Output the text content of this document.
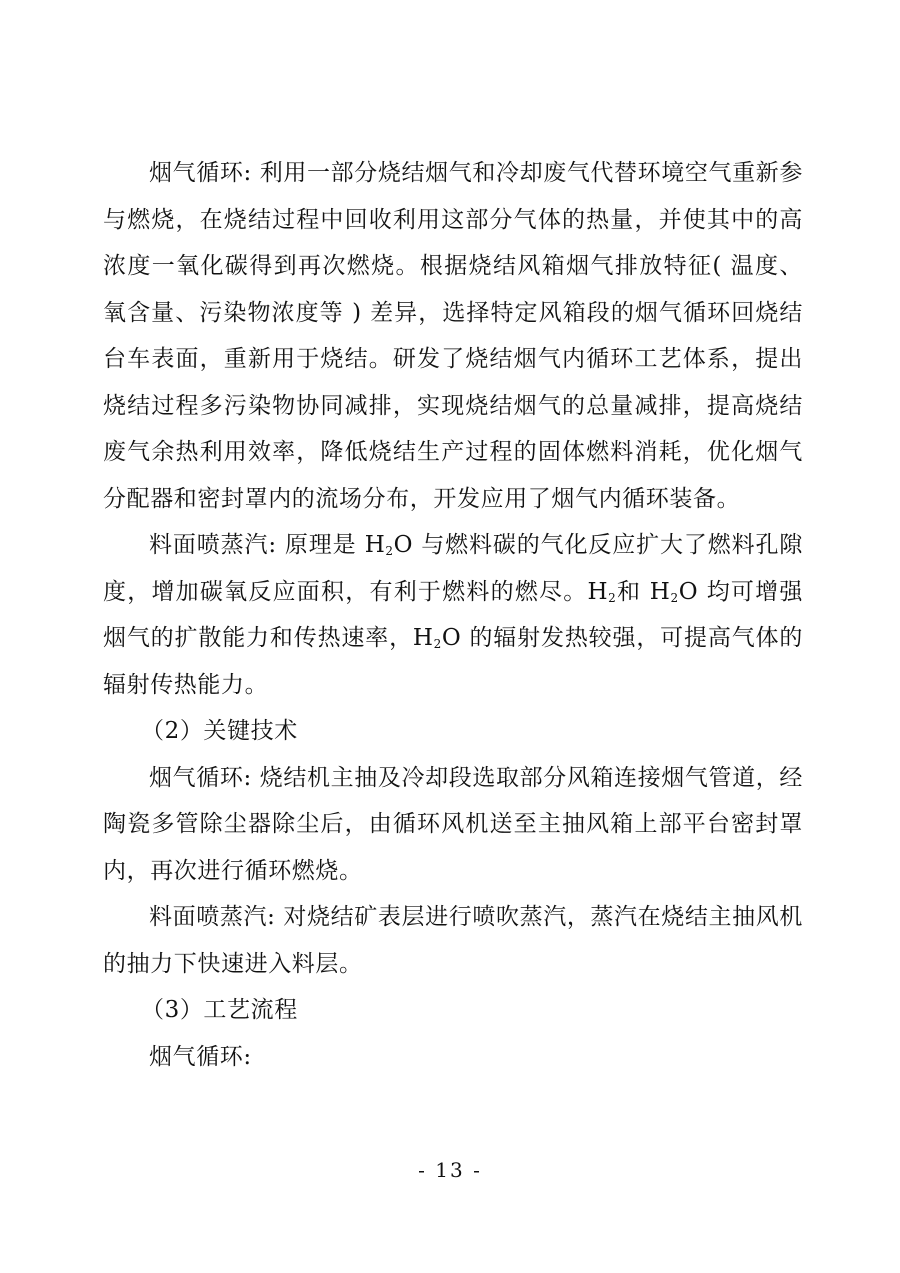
烟气循环: 利用一部分烧结烟气和冷却废气代替环境空气重新参与燃烧，在烧结过程中回收利用这部分气体的热量，并使其中的高浓度一氧化碳得到再次燃烧。根据烧结风箱烟气排放特征( 温度、氧含量、污染物浓度等 ) 差异，选择特定风箱段的烟气循环回烧结台车表面，重新用于烧结。研发了烧结烟气内循环工艺体系，提出烧结过程多污染物协同减排，实现烧结烟气的总量减排，提高烧结废气余热利用效率，降低烧结生产过程的固体燃料消耗，优化烟气分配器和密封罩内的流场分布，开发应用了烟气内循环装备。

料面喷蒸汽: 原理是 $H_2O$ 与燃料碳的气化反应扩大了燃料孔隙度，增加碳氧反应面积，有利于燃料的燃尽。$H_2$和 $H_2O$ 均可增强烟气的扩散能力和传热速率，$H_2O$ 的辐射发热较强，可提高气体的辐射传热能力。

（2）关键技术

烟气循环: 烧结机主抽及冷却段选取部分风箱连接烟气管道，经陶瓷多管除尘器除尘后，由循环风机送至主抽风箱上部平台密封罩内，再次进行循环燃烧。

料面喷蒸汽: 对烧结矿表层进行喷吹蒸汽，蒸汽在烧结主抽风机的抽力下快速进入料层。

（3）工艺流程

烟气循环:

- 13 -
